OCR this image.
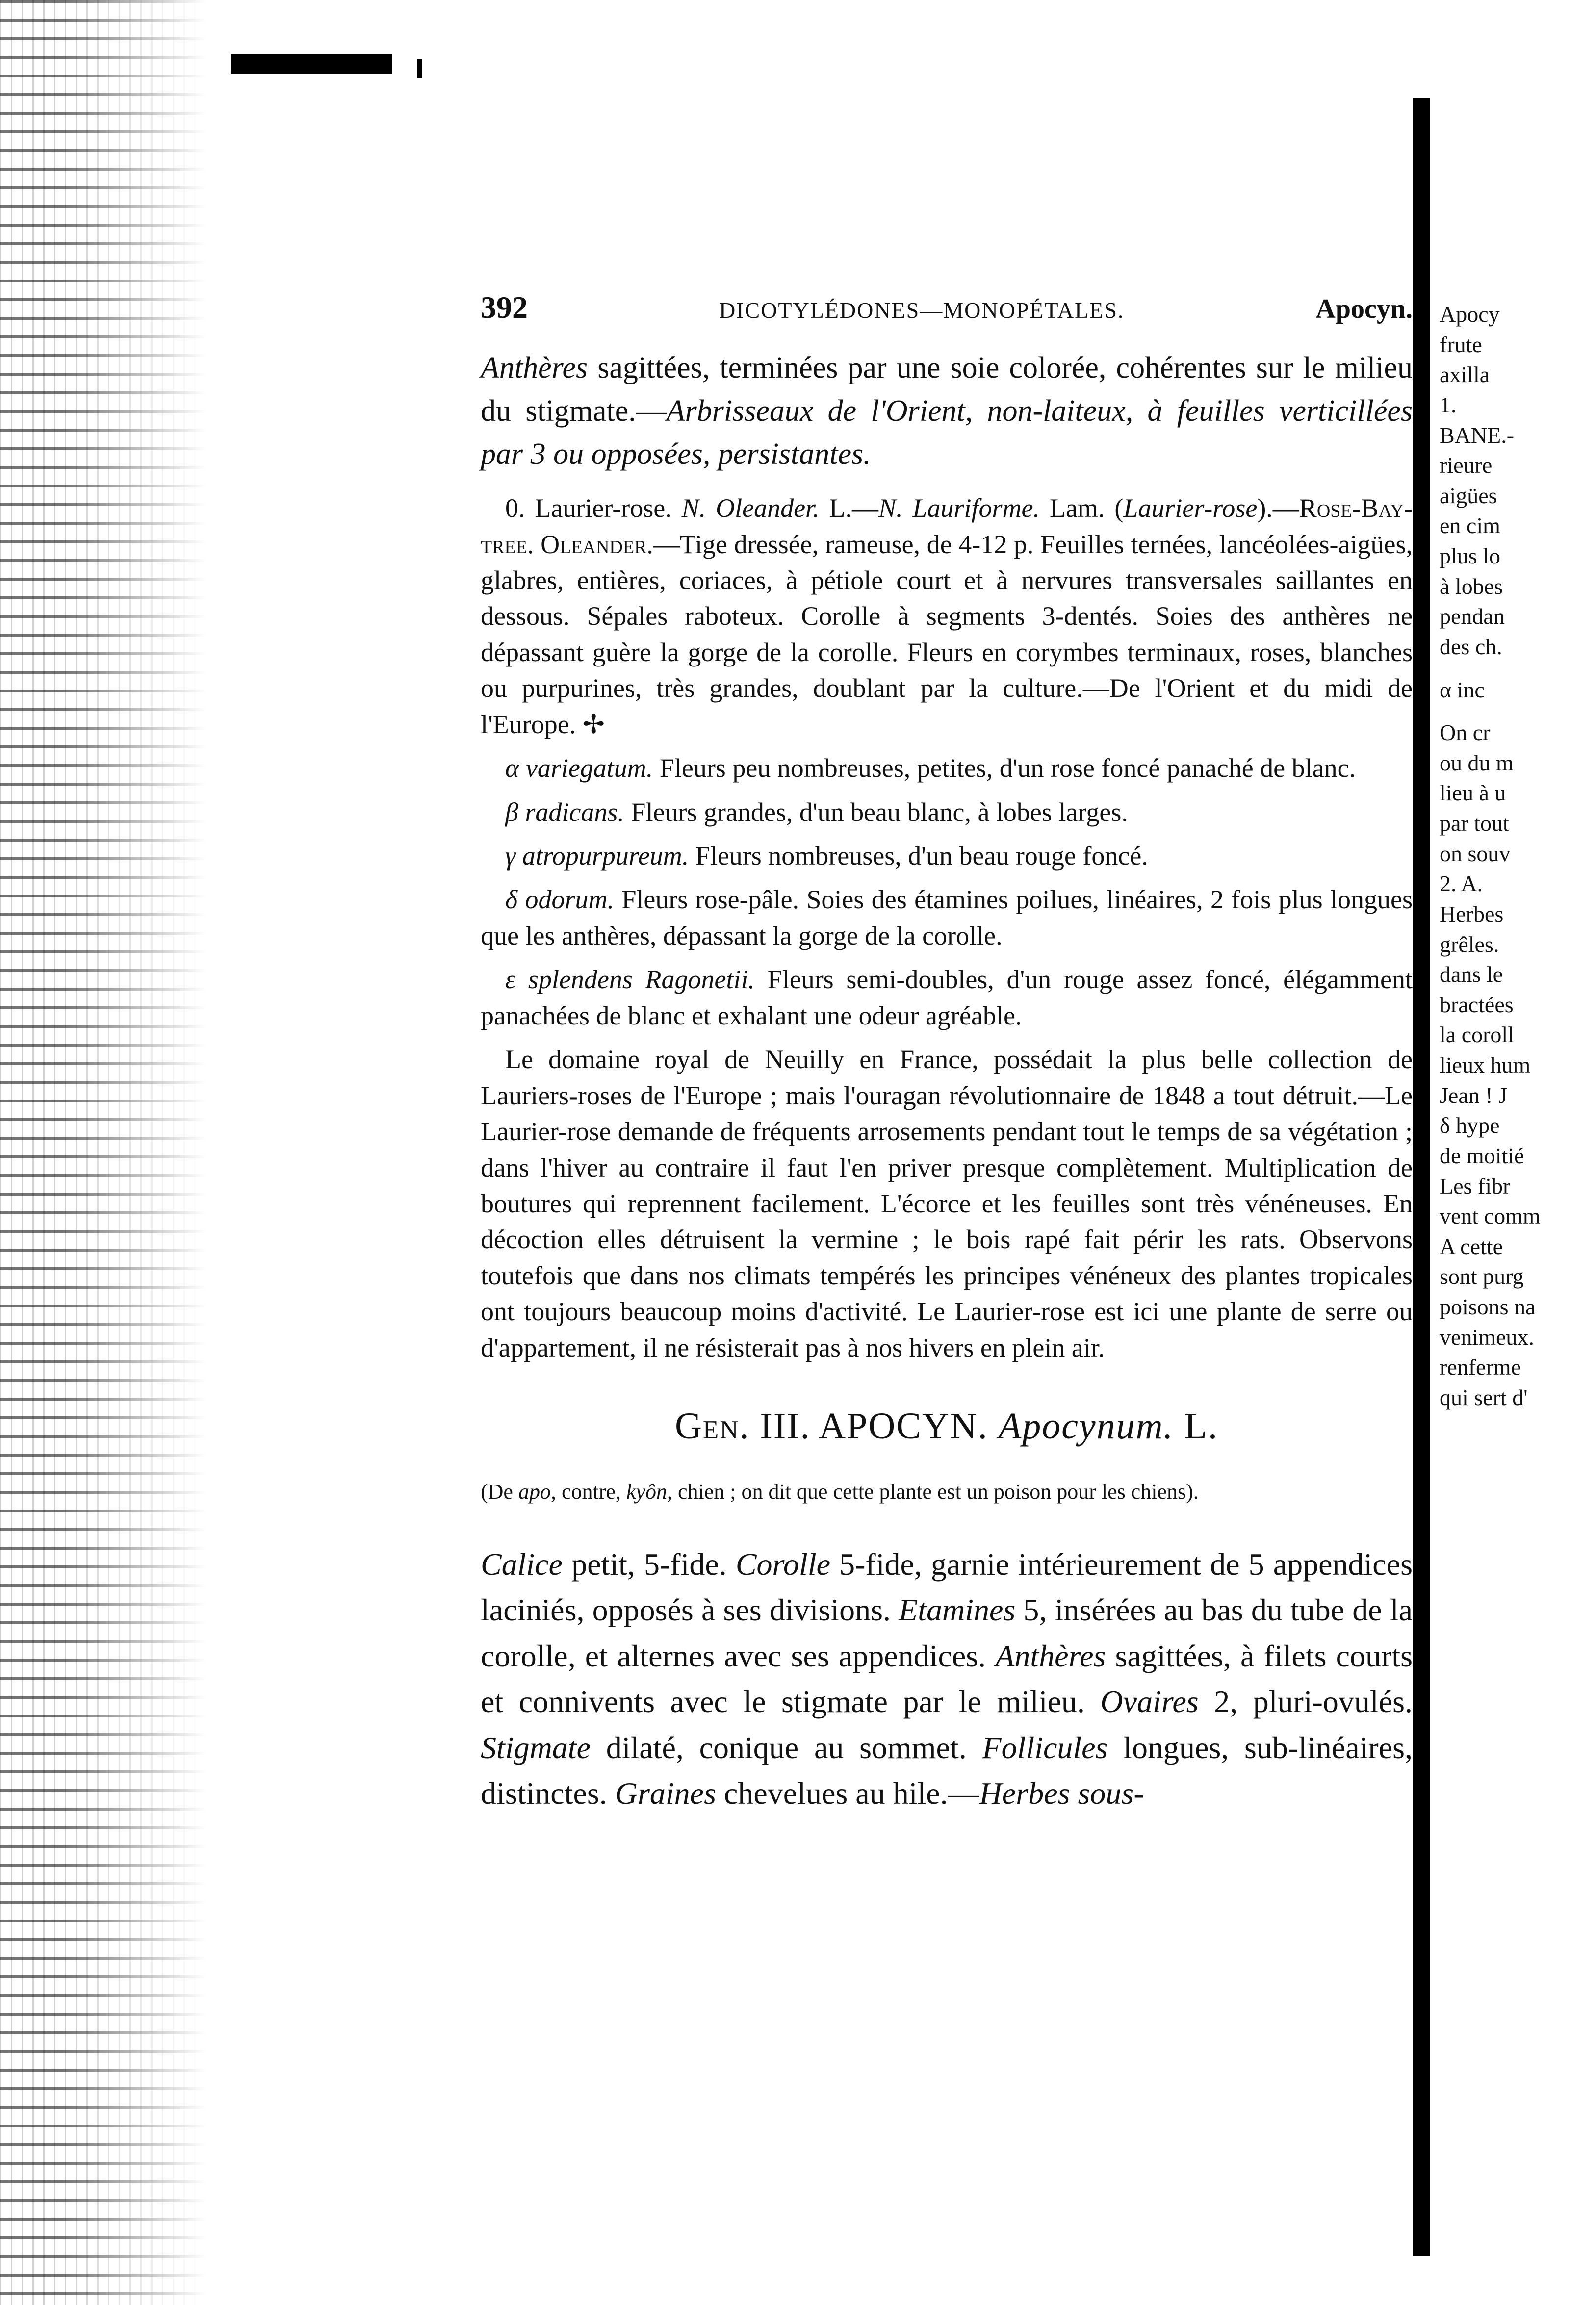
392	DICOTYLÉDONES—MONOPÉTALES.	Apocyn.

Anthères sagittées, terminées par une soie colorée, cohérentes sur le milieu du stigmate.—Arbrisseaux de l'Orient, non-laiteux, à feuilles verticillées par 3 ou opposées, persistantes.

0. Laurier-rose. N. Oleander. L.—N. Lauriforme. Lam. (Laurier-rose).—Rose-Bay-tree. Oleander.—Tige dressée, rameuse, de 4-12 p. Feuilles ternées, lancéolées-aigües, glabres, entières, coriaces, à pétiole court et à nervures transversales saillantes en dessous. Sépales raboteux. Corolle à segments 3-dentés. Soies des anthères ne dépassant guère la gorge de la corolle. Fleurs en corymbes terminaux, roses, blanches ou purpurines, très grandes, doublant par la culture.—De l'Orient et du midi de l'Europe. ✢

α variegatum. Fleurs peu nombreuses, petites, d'un rose foncé panaché de blanc.

β radicans. Fleurs grandes, d'un beau blanc, à lobes larges.

γ atropurpureum. Fleurs nombreuses, d'un beau rouge foncé.

δ odorum. Fleurs rose-pâle. Soies des étamines poilues, linéaires, 2 fois plus longues que les anthères, dépassant la gorge de la corolle.

ε splendens Ragonetii. Fleurs semi-doubles, d'un rouge assez foncé, élégamment panachées de blanc et exhalant une odeur agréable.

Le domaine royal de Neuilly en France, possédait la plus belle collection de Lauriers-roses de l'Europe ; mais l'ouragan révolutionnaire de 1848 a tout détruit.—Le Laurier-rose demande de fréquents arrosements pendant tout le temps de sa végétation ; dans l'hiver au contraire il faut l'en priver presque complètement. Multiplication de boutures qui reprennent facilement. L'écorce et les feuilles sont très vénéneuses. En décoction elles détruisent la vermine ; le bois rapé fait périr les rats. Observons toutefois que dans nos climats tempérés les principes vénéneux des plantes tropicales ont toujours beaucoup moins d'activité. Le Laurier-rose est ici une plante de serre ou d'appartement, il ne résisterait pas à nos hivers en plein air.

Gen. III. APOCYN. Apocynum. L.

(De apo, contre, kyôn, chien ; on dit que cette plante est un poison pour les chiens).

Calice petit, 5-fide. Corolle 5-fide, garnie intérieurement de 5 appendices laciniés, opposés à ses divisions. Etamines 5, insérées au bas du tube de la corolle, et alternes avec ses appendices. Anthères sagittées, à filets courts et connivents avec le stigmate par le milieu. Ovaires 2, pluri-ovulés. Stigmate dilaté, conique au sommet. Follicules longues, sub-linéaires, distinctes. Graines chevelues au hile.—Herbes sous-

Apocy
frute
axilla
1.
BANE.-
rieure
aigües
en cim
plus lo
à lobes
pendan
des ch.
α inc
On cr
ou du m
lieu à u
par tout
on souv
2. A.
Herbes
grêles.
dans le
bractées
la coroll
lieux hum
Jean ! J
δ hype
de moitié
Les fibr
vent comm
A cette
sont purg
poisons na
venimeux.
renferme
qui sert d'
